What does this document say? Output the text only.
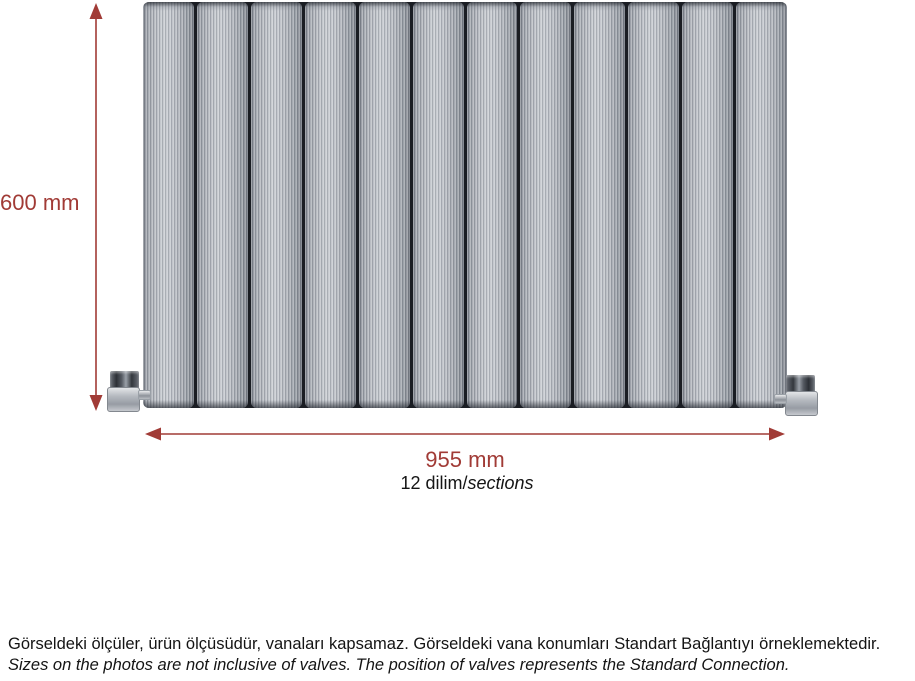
600 mm
955 mm
12 dilim/sections
Görseldeki ölçüler, ürün ölçüsüdür, vanaları kapsamaz. Görseldeki vana konumları Standart Bağlantıyı örneklemektedir.
Sizes on the photos are not inclusive of valves. The position of valves represents the Standard Connection.
